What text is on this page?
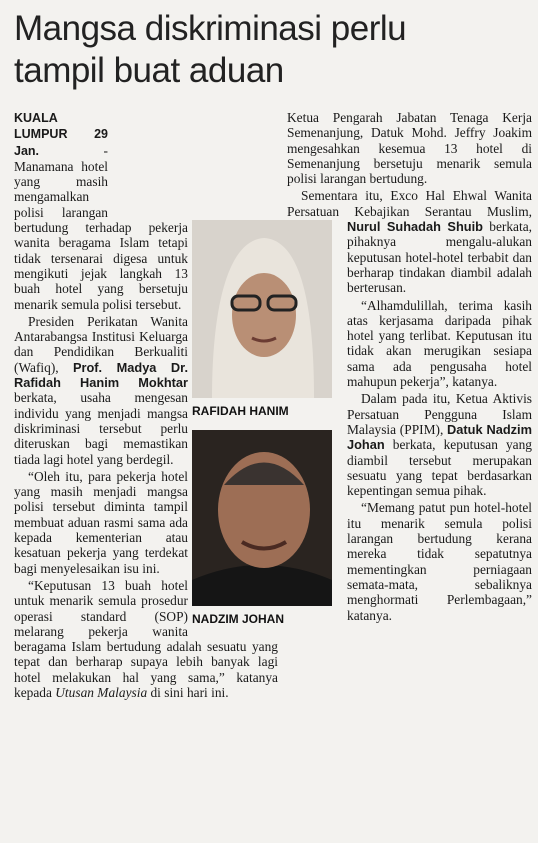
Mangsa diskriminasi perlu tampil buat aduan

KUALA LUMPUR 29 Jan. - Manamana hotel yang masih mengamalkan polisi larangan bertudung terhadap pekerja wanita beragama Islam tetapi tidak tersenarai digesa untuk mengikuti jejak langkah 13 buah hotel yang bersetuju menarik semula polisi tersebut.

Presiden Perikatan Wanita Antarabangsa Institusi Keluarga dan Pendidikan Berkualiti (Wafiq), Prof. Madya Dr. Rafidah Hanim Mokhtar berkata, usaha mengesan individu yang menjadi mangsa diskriminasi tersebut perlu diteruskan bagi memastikan tiada lagi hotel yang berdegil.

“Oleh itu, para pekerja hotel yang masih menjadi mangsa polisi tersebut diminta tampil membuat aduan rasmi sama ada kepada kementerian atau kesatuan pekerja yang terdekat bagi menyelesaikan isu ini.

“Keputusan 13 buah hotel untuk menarik semula prosedur operasi standard (SOP) melarang pekerja wanita beragama Islam bertudung adalah sesuatu yang tepat dan berharap supaya lebih banyak lagi hotel melakukan hal yang sama,” katanya kepada Utusan Malaysia di sini hari ini.

Ketua Pengarah Jabatan Tenaga Kerja Semenanjung, Datuk Mohd. Jeffry Joakim mengesahkan kesemua 13 hotel di Semenanjung bersetuju menarik semula polisi larangan bertudung.

Sementara itu, Exco Hal Ehwal Wanita Persatuan Kebajikan Serantau Muslim, Nurul Suhadah Shuib berkata, pihaknya mengalu-alukan keputusan hotel-hotel terbabit dan berharap tindakan diambil adalah berterusan.

“Alhamdulillah, terima kasih atas kerjasama daripada pihak hotel yang terlibat. Keputusan itu tidak akan merugikan sesiapa sama ada pengusaha hotel mahupun pekerja”, katanya.

Dalam pada itu, Ketua Aktivis Persatuan Pengguna Islam Malaysia (PPIM), Datuk Nadzim Johan berkata, keputusan yang diambil tersebut merupakan sesuatu yang tepat berdasarkan kepentingan semua pihak.

“Memang patut pun hotel-hotel itu menarik semula polisi larangan bertudung kerana mereka tidak sepatutnya mementingkan perniagaan semata-mata, sebaliknya menghormati Perlembagaan,” katanya.

RAFIDAH HANIM
NADZIM JOHAN
